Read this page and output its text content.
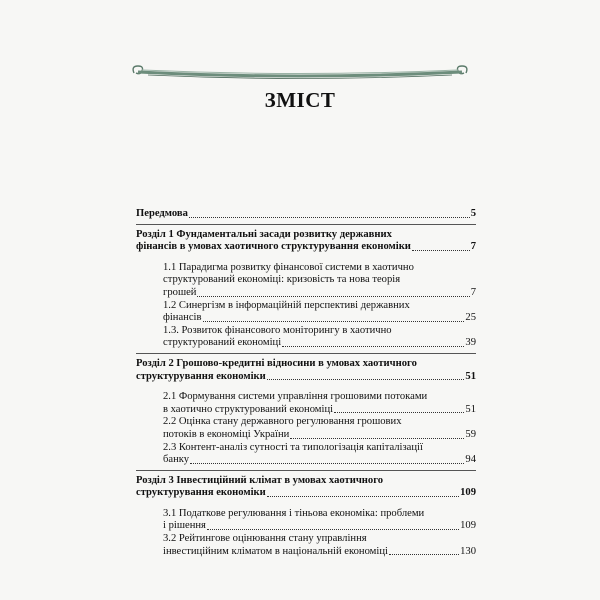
ЗМІСТ
Передмова	5
Розділ 1 Фундаментальні засади розвитку державних
фінансів в умовах хаотичного структурування економіки	7
1.1 Парадигма розвитку фінансової системи в хаотично
структурований економіці: кризовість та нова теорія
грошей	7
1.2 Синергізм в інформаційній перспективі державних
фінансів	25
1.3. Розвиток фінансового моніторингу в хаотично
структурований економіці	39
Розділ 2 Грошово-кредитні відносини в умовах хаотичного
структурування економіки	51
2.1 Формування системи управління грошовими потоками
в хаотично структурований економіці	51
2.2 Оцінка стану державного регулювання грошових
потоків в економіці України	59
2.3 Контент-аналіз сутності та типологізація капіталізації
банку	94
Розділ 3 Інвестиційний клімат в умовах хаотичного
структурування економіки	109
3.1 Податкове регулювання і тіньова економіка: проблеми
і рішення	109
3.2 Рейтингове оцінювання стану управління
інвестиційним кліматом в національній економіці	130
